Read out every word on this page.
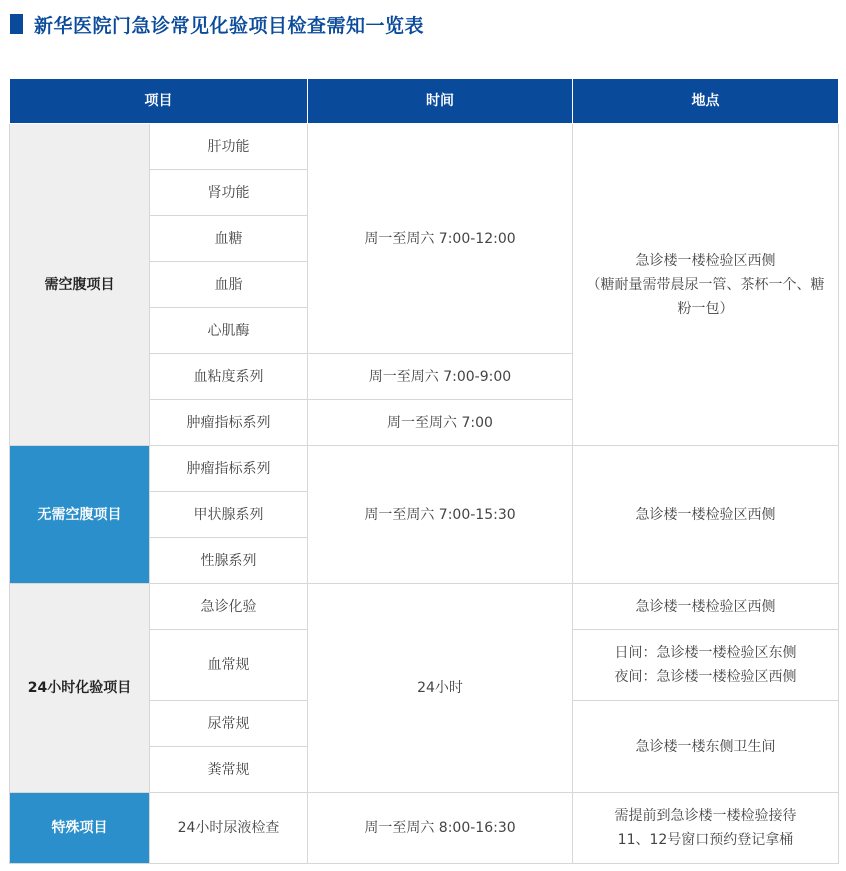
新华医院门急诊常见化验项目检查需知一览表
项目		时间	地点
需空腹项目	肝功能	周一至周六 7:00-12:00	急诊楼一楼检验区西侧
（糖耐量需带晨尿一管、茶杯一个、糖粉一包）

	肾功能		
	血糖		
	血脂		
	心肌酶		
	血粘度系列	周一至周六 7:00-9:00	
	肿瘤指标系列	周一至周六 7:00	
无需空腹项目	肿瘤指标系列	周一至周六 7:00-15:30	急诊楼一楼检验区西侧
	甲状腺系列		
	性腺系列		
24小时化验项目	急诊化验	24小时	急诊楼一楼检验区西侧
	血常规		日间：急诊楼一楼检验区东侧
夜间：急诊楼一楼检验区西侧

	尿常规		急诊楼一楼东侧卫生间
	粪常规		
特殊项目	24小时尿液检查	周一至周六 8:00-16:30	需提前到急诊楼一楼检验接待
11、12号窗口预约登记拿桶
